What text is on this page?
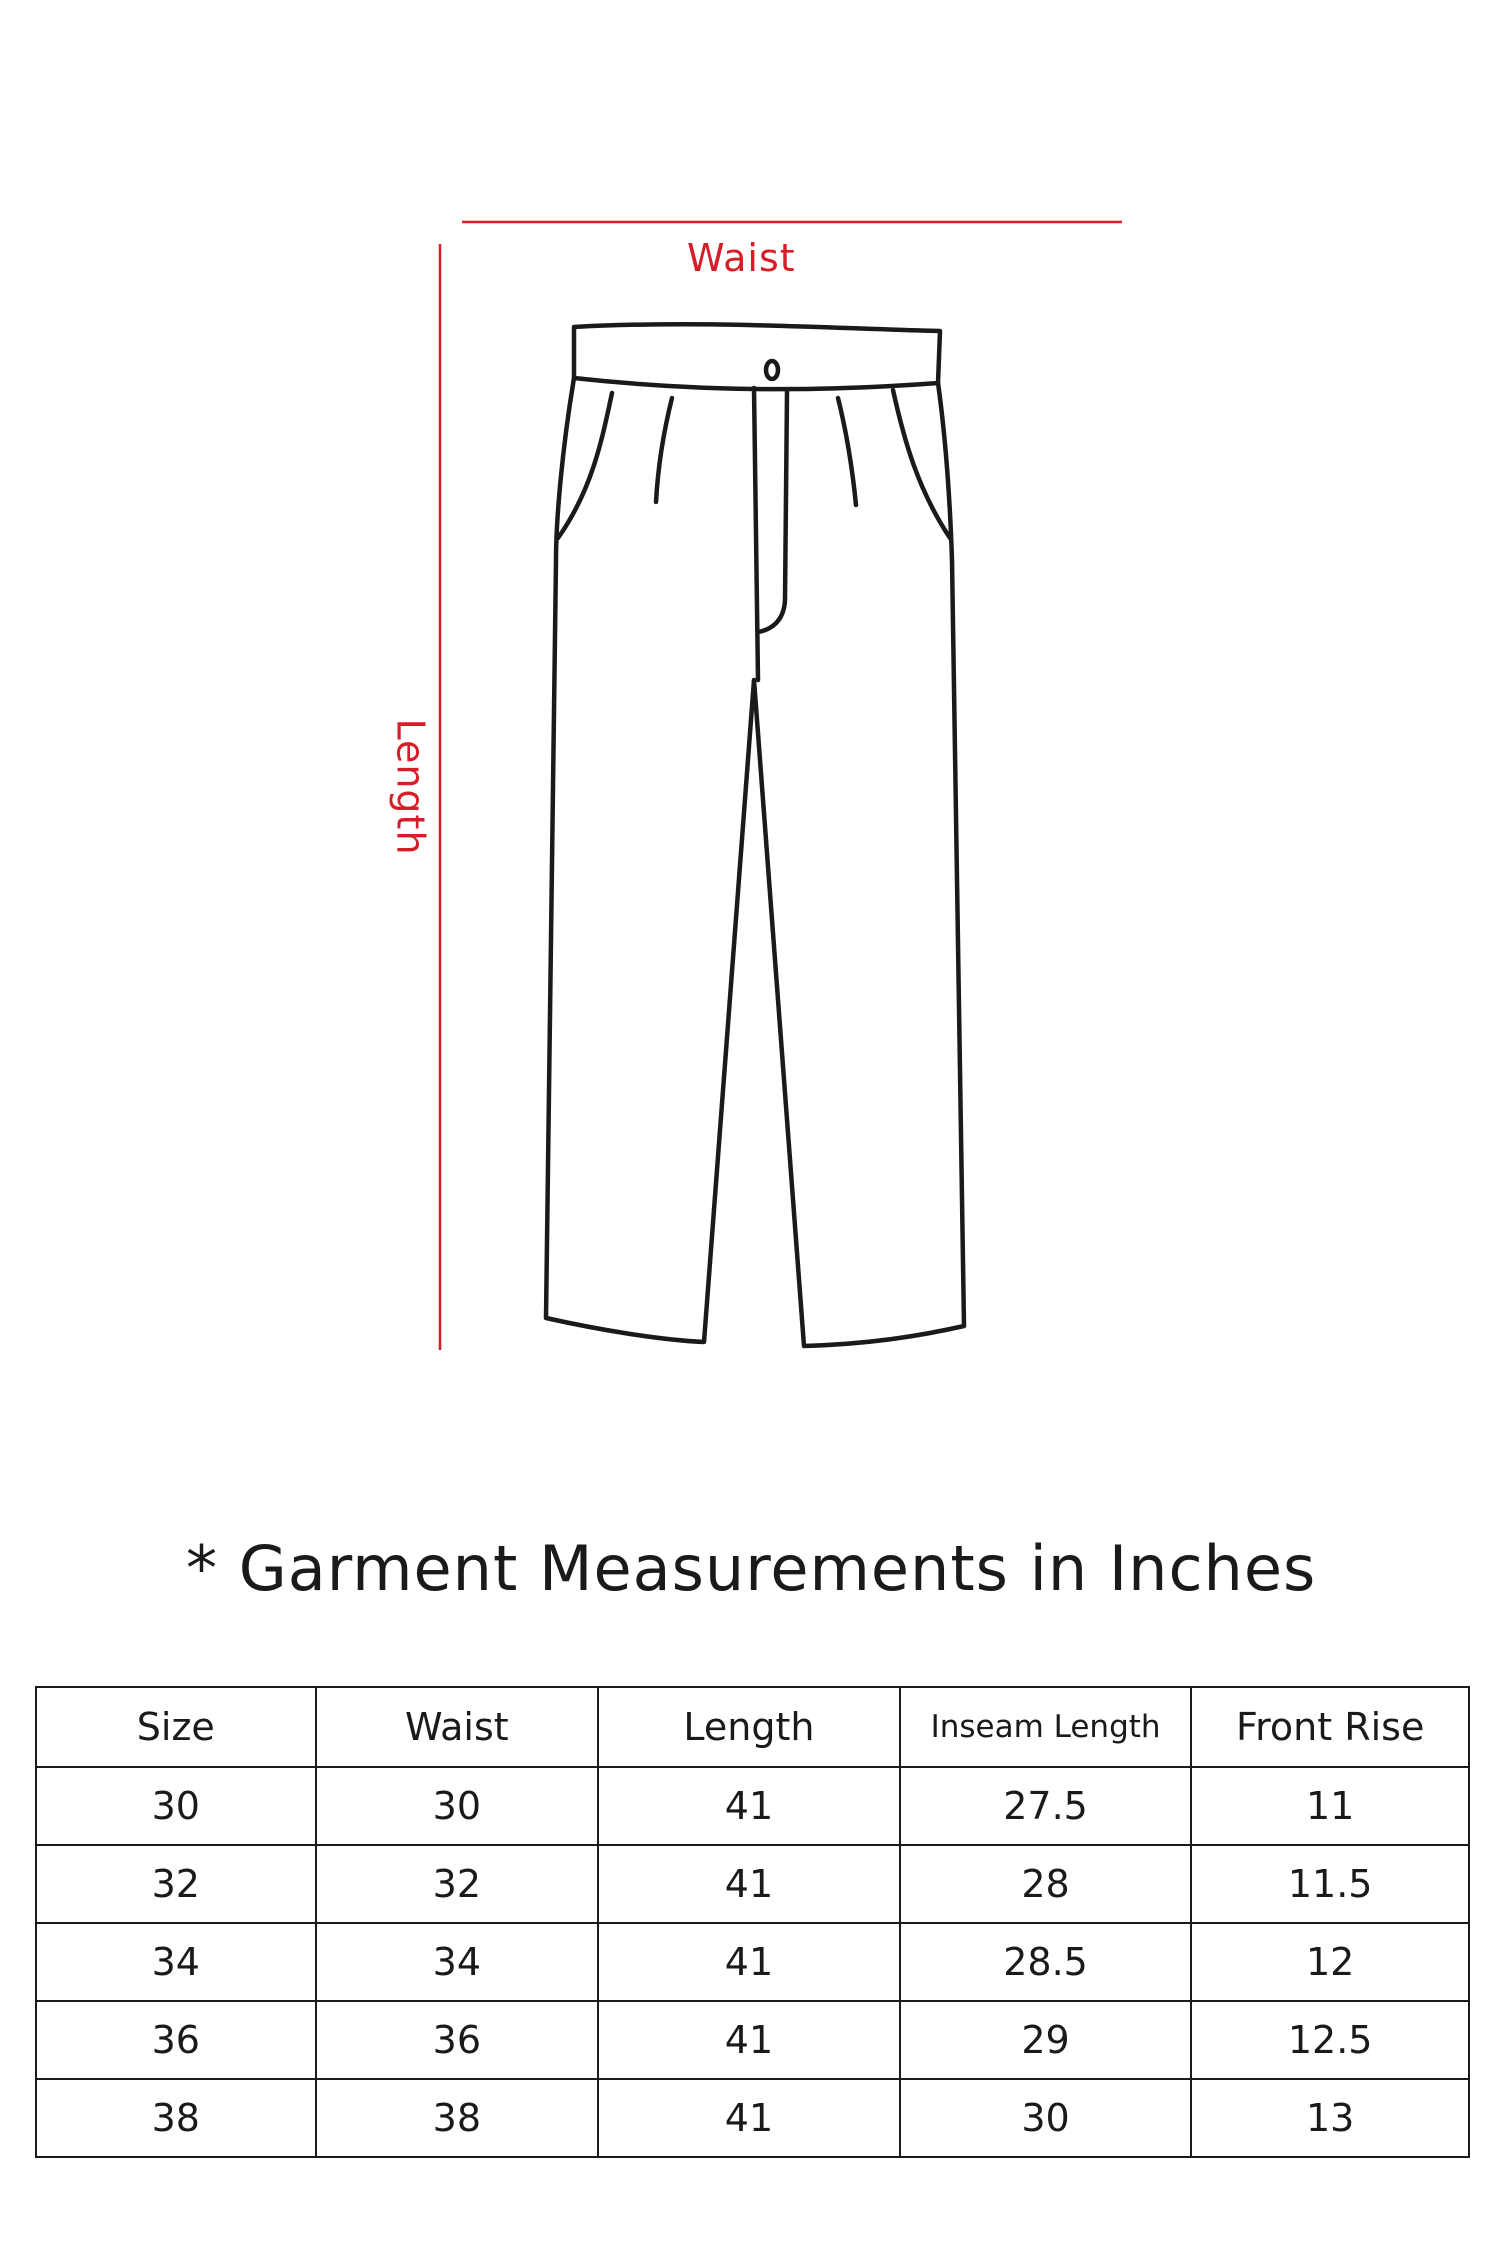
Waist
Length
* Garment Measurements in Inches
Size	Waist	Length	Inseam Length	Front Rise
30	30	41	27.5	11
32	32	41	28	11.5
34	34	41	28.5	12
36	36	41	29	12.5
38	38	41	30	13
